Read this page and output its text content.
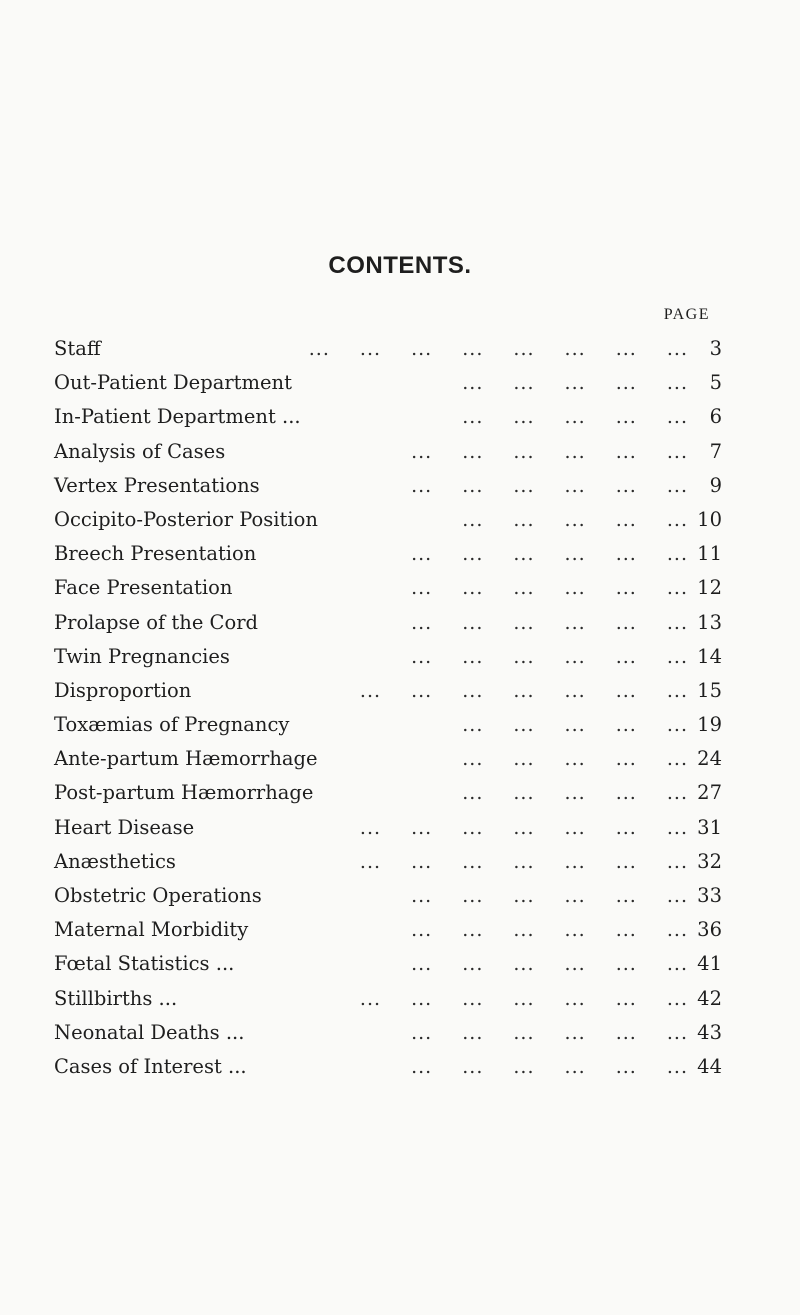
CONTENTS.
PAGE
Staff	... ... ... ... ... ... ... ...	3
Out-Patient Department	... ... ... ... ...	5
In-Patient Department ...	... ... ... ... ...	6
Analysis of Cases	... ... ... ... ... ...	7
Vertex Presentations	... ... ... ... ... ...	9
Occipito-Posterior Position	... ... ... ... ... 10
Breech Presentation	... ... ... ... ... ... 11
Face Presentation	... ... ... ... ... ... 12
Prolapse of the Cord	... ... ... ... ... ... 13
Twin Pregnancies	... ... ... ... ... ... 14
Disproportion	... ... ... ... ... ... ... 15
Toxæmias of Pregnancy	... ... ... ... ... 19
Ante-partum Hæmorrhage	... ... ... ... ... 24
Post-partum Hæmorrhage	... ... ... ... ... 27
Heart Disease	... ... ... ... ... ... ... 31
Anæsthetics	... ... ... ... ... ... ... 32
Obstetric Operations	... ... ... ... ... ... 33
Maternal Morbidity	... ... ... ... ... ... 36
Fœtal Statistics ...	... ... ... ... ... ... 41
Stillbirths ...	... ... ... ... ... ... ... 42
Neonatal Deaths ...	... ... ... ... ... ... 43
Cases of Interest ...	... ... ... ... ... ... 44
